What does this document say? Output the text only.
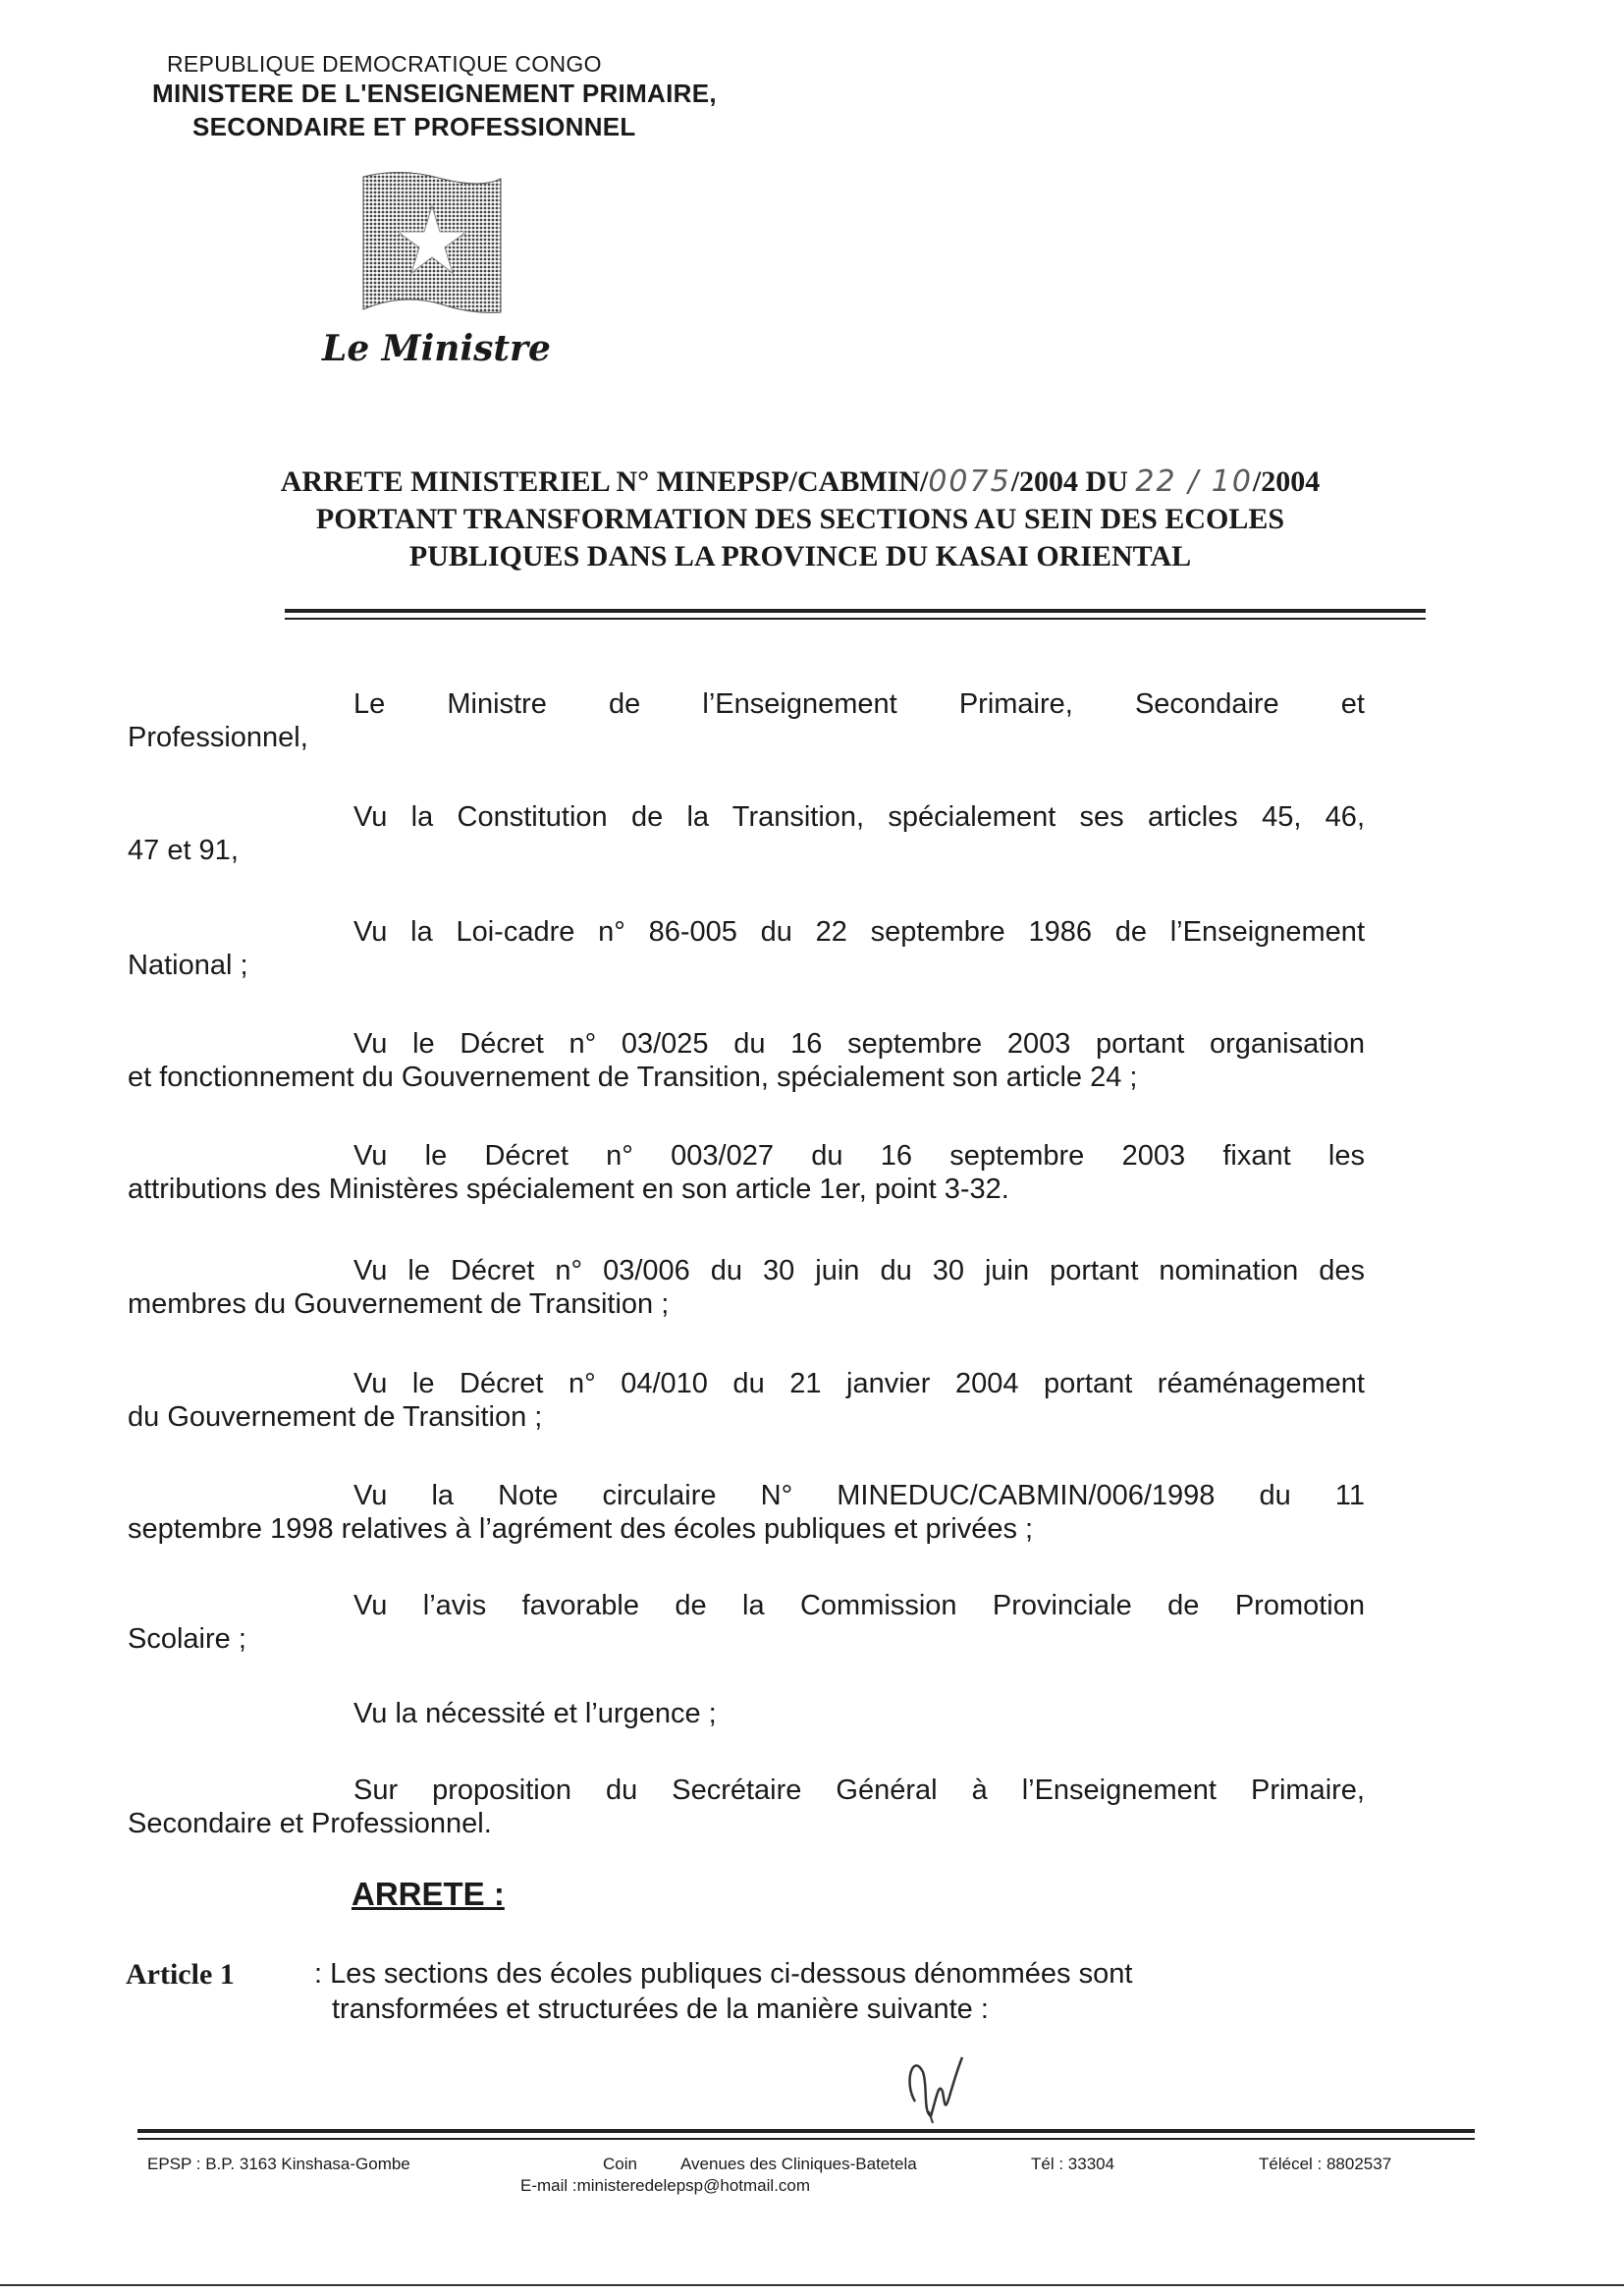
REPUBLIQUE DEMOCRATIQUE CONGO
MINISTERE DE L'ENSEIGNEMENT PRIMAIRE,
SECONDAIRE ET PROFESSIONNEL
Le Ministre
ARRETE MINISTERIEL N° MINEPSP/CABMIN/0075/2004 DU 22 / 10/2004
PORTANT TRANSFORMATION DES SECTIONS AU SEIN DES ECOLES
PUBLIQUES DANS LA PROVINCE DU KASAI ORIENTAL
Le Ministre de l’Enseignement Primaire, Secondaire et
Professionnel,
Vu la Constitution de la Transition, spécialement ses articles 45, 46,
47 et 91,
Vu la Loi-cadre n° 86-005 du 22 septembre 1986 de l’Enseignement
National ;
Vu le Décret n° 03/025 du 16 septembre 2003 portant organisation
et fonctionnement du Gouvernement de Transition, spécialement son article 24 ;
Vu le Décret n° 003/027 du 16 septembre 2003 fixant les
attributions des Ministères spécialement en son article 1er, point 3-32.
Vu le Décret n° 03/006 du 30 juin du 30 juin portant nomination des
membres du Gouvernement de Transition ;
Vu le Décret n° 04/010 du 21 janvier 2004 portant réaménagement
du Gouvernement de Transition ;
Vu la Note circulaire N° MINEDUC/CABMIN/006/1998 du 11
septembre 1998 relatives à l’agrément des écoles publiques et privées ;
Vu l’avis favorable de la Commission Provinciale de Promotion
Scolaire ;
Vu la nécessité et l’urgence ;
Sur proposition du Secrétaire Général à l’Enseignement Primaire,
Secondaire et Professionnel.
ARRETE :
Article 1	: Les sections des écoles publiques ci-dessous dénommées sont
transformées et structurées de la manière suivante :
EPSP : B.P. 3163 Kinshasa-Gombe	Coin	Avenues des Cliniques-Batetela	Tél : 33304	Télécel : 8802537
E-mail :ministeredelepsp@hotmail.com
